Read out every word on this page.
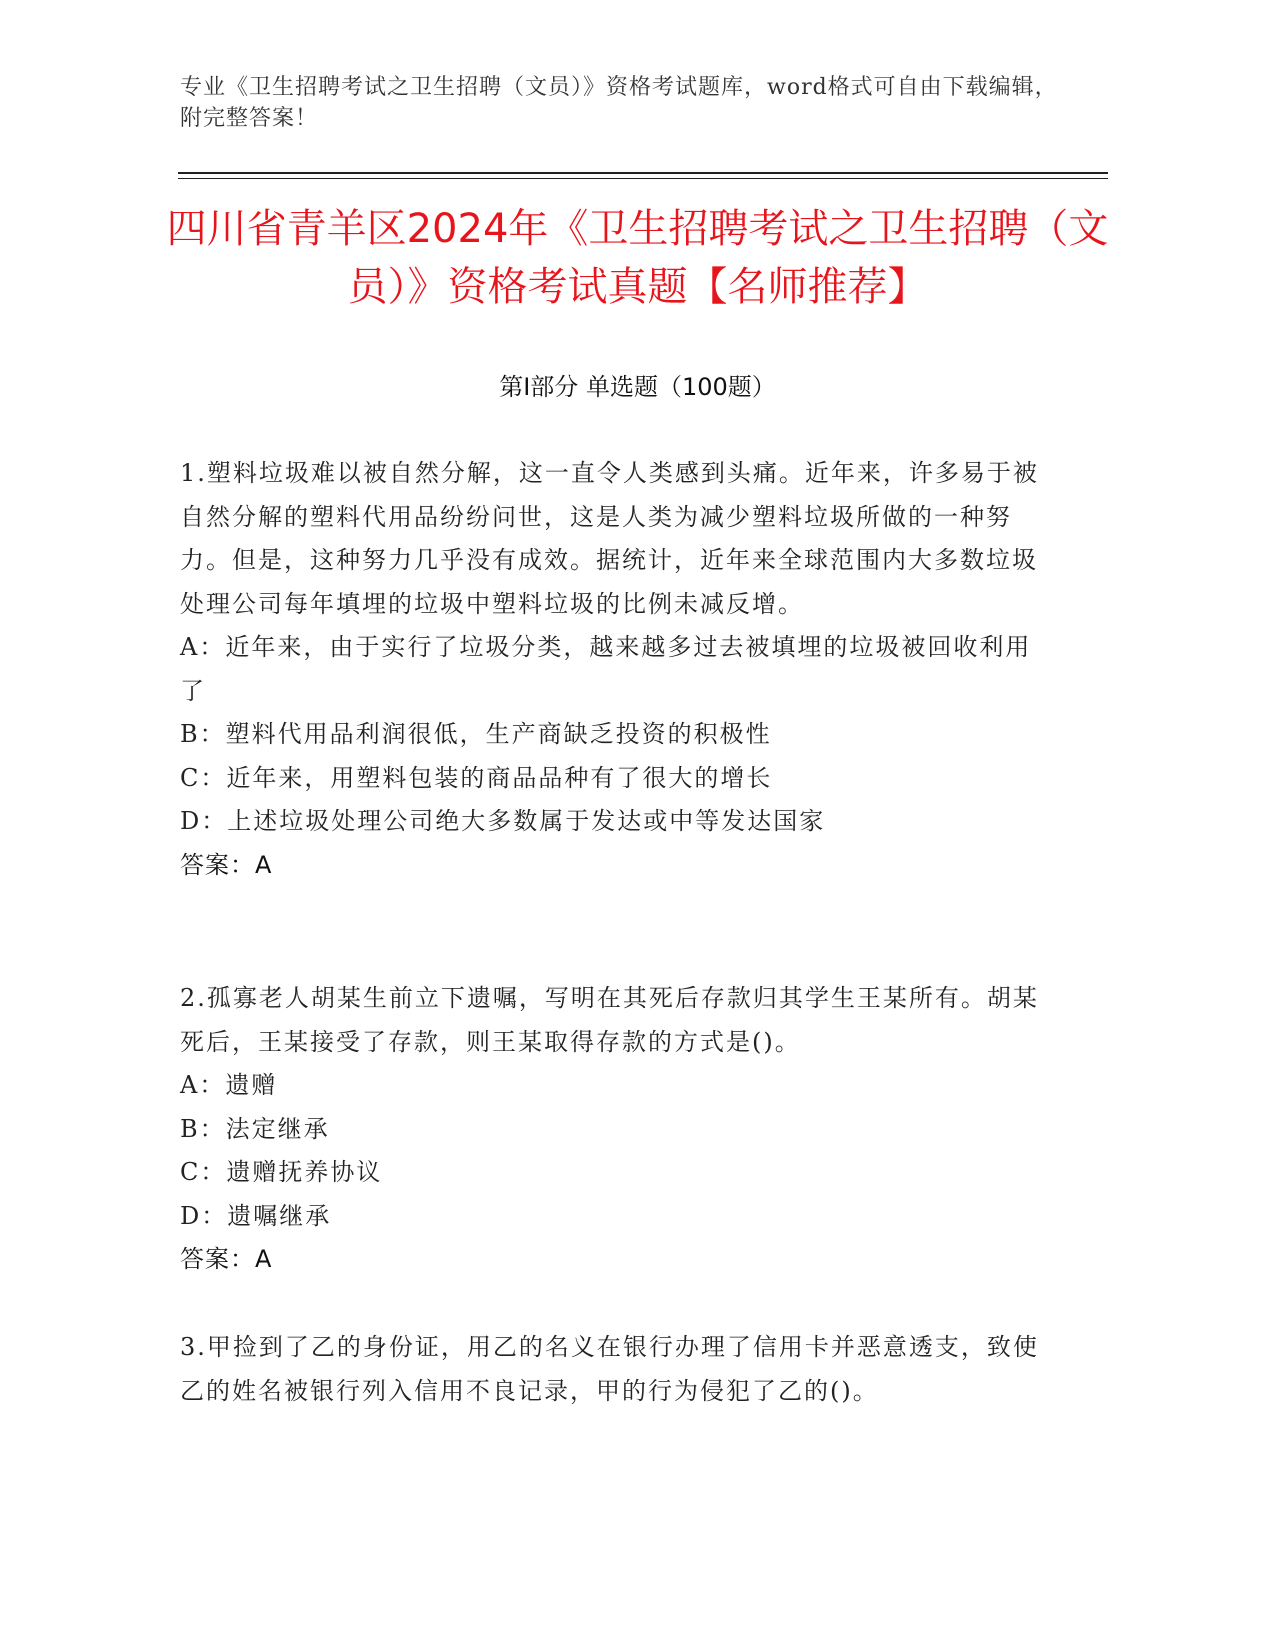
专业《卫生招聘考试之卫生招聘（文员）》资格考试题库，word格式可自由下载编辑，附完整答案！
四川省青羊区2024年《卫生招聘考试之卫生招聘（文员）》资格考试真题【名师推荐】
第Ⅰ部分 单选题（100题）

1.塑料垃圾难以被自然分解，这一直令人类感到头痛。近年来，许多易于被自然分解的塑料代用品纷纷问世，这是人类为减少塑料垃圾所做的一种努力。但是，这种努力几乎没有成效。据统计，近年来全球范围内大多数垃圾处理公司每年填埋的垃圾中塑料垃圾的比例未减反增。

A：近年来，由于实行了垃圾分类，越来越多过去被填埋的垃圾被回收利用了

B：塑料代用品利润很低，生产商缺乏投资的积极性

C：近年来，用塑料包装的商品品种有了很大的增长

D：上述垃圾处理公司绝大多数属于发达或中等发达国家

答案：A

2.孤寡老人胡某生前立下遗嘱，写明在其死后存款归其学生王某所有。胡某死后，王某接受了存款，则王某取得存款的方式是()。

A：遗赠

B：法定继承

C：遗赠抚养协议

D：遗嘱继承

答案：A

3.甲捡到了乙的身份证，用乙的名义在银行办理了信用卡并恶意透支，致使乙的姓名被银行列入信用不良记录，甲的行为侵犯了乙的()。
